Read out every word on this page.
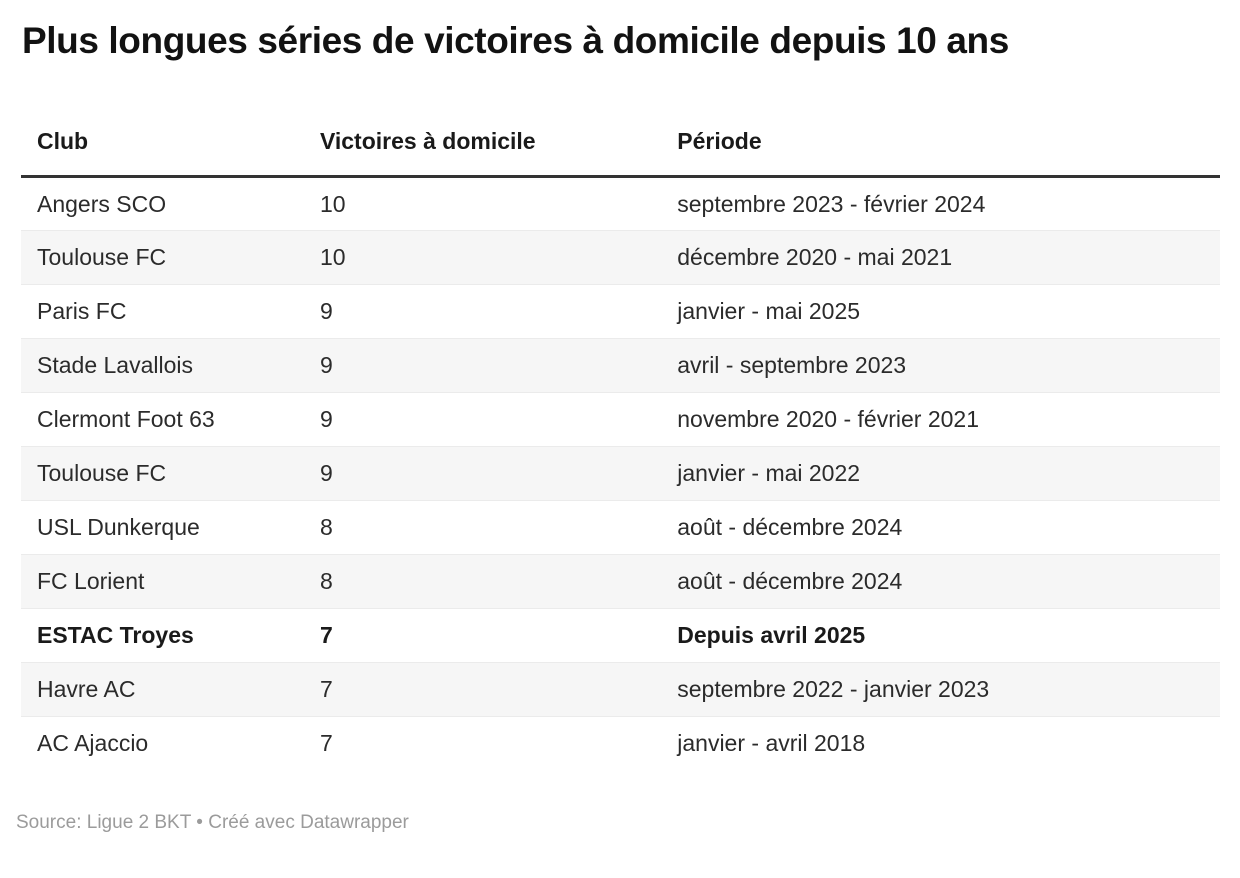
Plus longues séries de victoires à domicile depuis 10 ans
Club	Victoires à domicile	Période
Angers SCO	10	septembre 2023 - février 2024
Toulouse FC	10	décembre 2020 - mai 2021
Paris FC	9	janvier - mai 2025
Stade Lavallois	9	avril - septembre 2023
Clermont Foot 63	9	novembre 2020 - février 2021
Toulouse FC	9	janvier - mai 2022
USL Dunkerque	8	août - décembre 2024
FC Lorient	8	août - décembre 2024
ESTAC Troyes	7	Depuis avril 2025
Havre AC	7	septembre 2022 - janvier 2023
AC Ajaccio	7	janvier - avril 2018
Source: Ligue 2 BKT • Créé avec Datawrapper
